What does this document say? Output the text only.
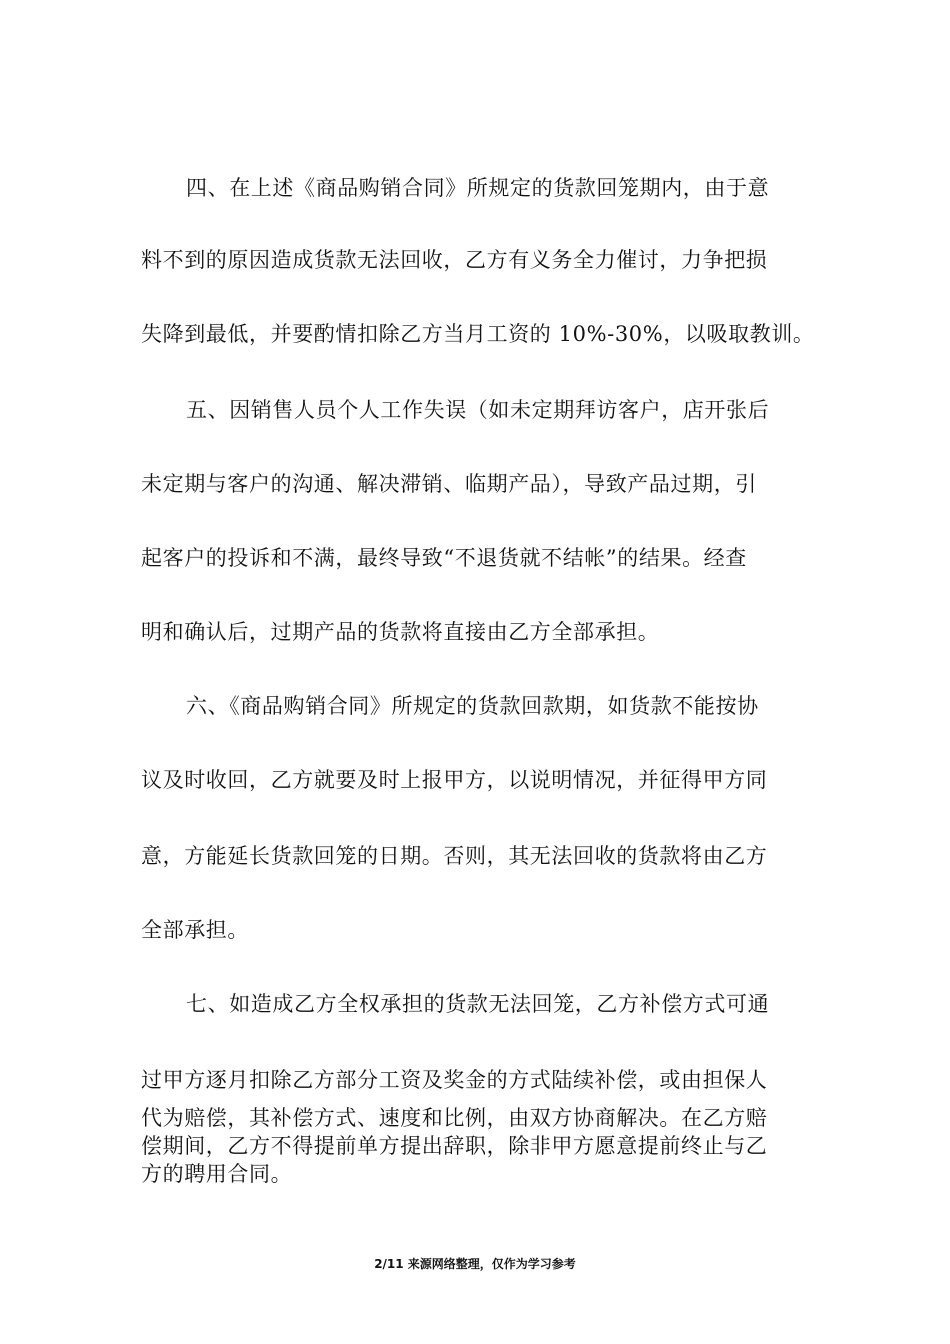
四、在上述《商品购销合同》所规定的货款回笼期内，由于意
料不到的原因造成货款无法回收，乙方有义务全力催讨，力争把损
失降到最低，并要酌情扣除乙方当月工资的 10%-30%，以吸取教训。
五、因销售人员个人工作失误（如未定期拜访客户，店开张后
未定期与客户的沟通、解决滞销、临期产品），导致产品过期，引
起客户的投诉和不满，最终导致“不退货就不结帐”的结果。经查
明和确认后，过期产品的货款将直接由乙方全部承担。
六、《商品购销合同》所规定的货款回款期，如货款不能按协
议及时收回，乙方就要及时上报甲方，以说明情况，并征得甲方同
意，方能延长货款回笼的日期。否则，其无法回收的货款将由乙方
全部承担。
七、如造成乙方全权承担的货款无法回笼，乙方补偿方式可通
过甲方逐月扣除乙方部分工资及奖金的方式陆续补偿，或由担保人
代为赔偿，其补偿方式、速度和比例，由双方协商解决。在乙方赔
偿期间，乙方不得提前单方提出辞职，除非甲方愿意提前终止与乙
方的聘用合同。
2/11 来源网络整理，仅作为学习参考
